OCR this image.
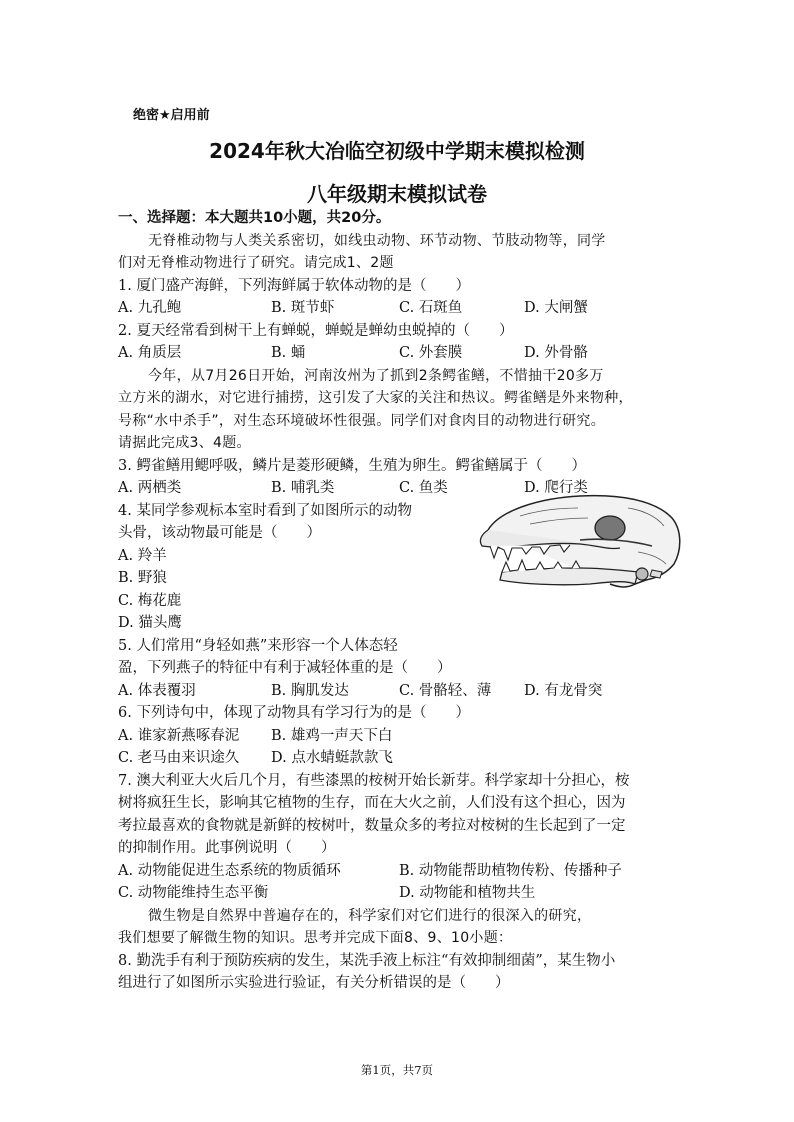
绝密★启用前
2024年秋大冶临空初级中学期末模拟检测
八年级期末模拟试卷
一、选择题：本大题共10小题，共20分。
无脊椎动物与人类关系密切，如线虫动物、环节动物、节肢动物等，同学
们对无脊椎动物进行了研究。请完成1、2题
1. 厦门盛产海鲜，下列海鲜属于软体动物的是（　　）
A. 九孔鲍	B. 斑节虾	C. 石斑鱼	D. 大闸蟹
2. 夏天经常看到树干上有蝉蜕，蝉蜕是蝉幼虫蜕掉的（　　）
A. 角质层	B. 蛹	C. 外套膜	D. 外骨骼
今年，从7月26日开始，河南汝州为了抓到2条鳄雀鳝，不惜抽干20多万
立方米的湖水，对它进行捕捞，这引发了大家的关注和热议。鳄雀鳝是外来物种，
号称“水中杀手”，对生态环境破坏性很强。同学们对食肉目的动物进行研究。
请据此完成3、4题。
3. 鳄雀鳝用鳃呼吸，鳞片是菱形硬鳞，生殖为卵生。鳄雀鳝属于（　　）
A. 两栖类	B. 哺乳类	C. 鱼类	D. 爬行类
4. 某同学参观标本室时看到了如图所示的动物
头骨，该动物最可能是（　　）
A. 羚羊
B. 野狼
C. 梅花鹿
D. 猫头鹰
5. 人们常用“身轻如燕”来形容一个人体态轻
盈，下列燕子的特征中有利于减轻体重的是（　　）
A. 体表覆羽	B. 胸肌发达	C. 骨骼轻、薄 D. 有龙骨突
6. 下列诗句中，体现了动物具有学习行为的是（　　）
A. 谁家新燕啄春泥 B. 雄鸡一声天下白
C. 老马由来识途久 D. 点水蜻蜓款款飞
7. 澳大利亚大火后几个月，有些漆黑的桉树开始长新芽。科学家却十分担心，桉
树将疯狂生长，影响其它植物的生存，而在大火之前，人们没有这个担心，因为
考拉最喜欢的食物就是新鲜的桉树叶，数量众多的考拉对桉树的生长起到了一定
的抑制作用。此事例说明（　　）
A. 动物能促进生态系统的物质循环	B. 动物能帮助植物传粉、传播种子
C. 动物能维持生态平衡	D. 动物能和植物共生
微生物是自然界中普遍存在的，科学家们对它们进行的很深入的研究，
我们想要了解微生物的知识。思考并完成下面8、9、10小题：
8. 勤洗手有利于预防疾病的发生，某洗手液上标注“有效抑制细菌”，某生物小
组进行了如图所示实验进行验证，有关分析错误的是（　　）
第1页，共7页
